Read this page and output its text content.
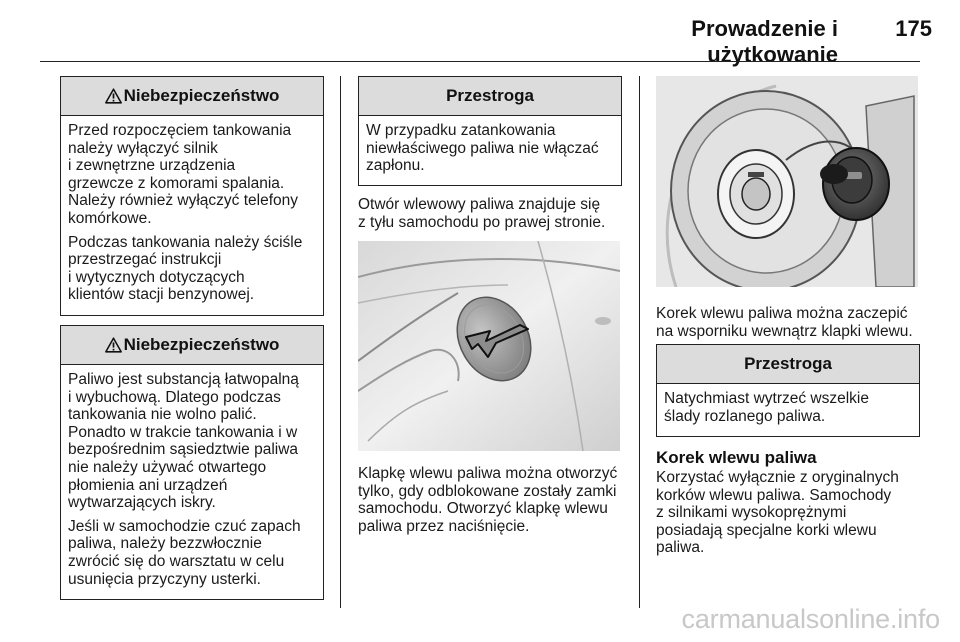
Prowadzenie i użytkowanie
175
Niebezpieczeństwo

Przed rozpoczęciem tankowania
należy wyłączyć silnik
i zewnętrzne urządzenia
grzewcze z komorami spalania.
Należy również wyłączyć telefony
komórkowe.

Podczas tankowania należy ściśle
przestrzegać instrukcji
i wytycznych dotyczących
klientów stacji benzynowej.

Niebezpieczeństwo

Paliwo jest substancją łatwopalną
i wybuchową. Dlatego podczas
tankowania nie wolno palić.
Ponadto w trakcie tankowania i w
bezpośrednim sąsiedztwie paliwa
nie należy używać otwartego
płomienia ani urządzeń
wytwarzających iskry.

Jeśli w samochodzie czuć zapach
paliwa, należy bezzwłocznie
zwrócić się do warsztatu w celu
usunięcia przyczyny usterki.

Przestroga

W przypadku zatankowania
niewłaściwego paliwa nie włączać
zapłonu.

Otwór wlewowy paliwa znajduje się
z tyłu samochodu po prawej stronie.

Klapkę wlewu paliwa można otworzyć
tylko, gdy odblokowane zostały zamki
samochodu. Otworzyć klapkę wlewu
paliwa przez naciśnięcie.

Korek wlewu paliwa można zaczepić
na wsporniku wewnątrz klapki wlewu.

Przestroga

Natychmiast wytrzeć wszelkie
ślady rozlanego paliwa.

Korek wlewu paliwa

Korzystać wyłącznie z oryginalnych
korków wlewu paliwa. Samochody
z silnikami wysokoprężnymi
posiadają specjalne korki wlewu
paliwa.

carmanualsonline.info
